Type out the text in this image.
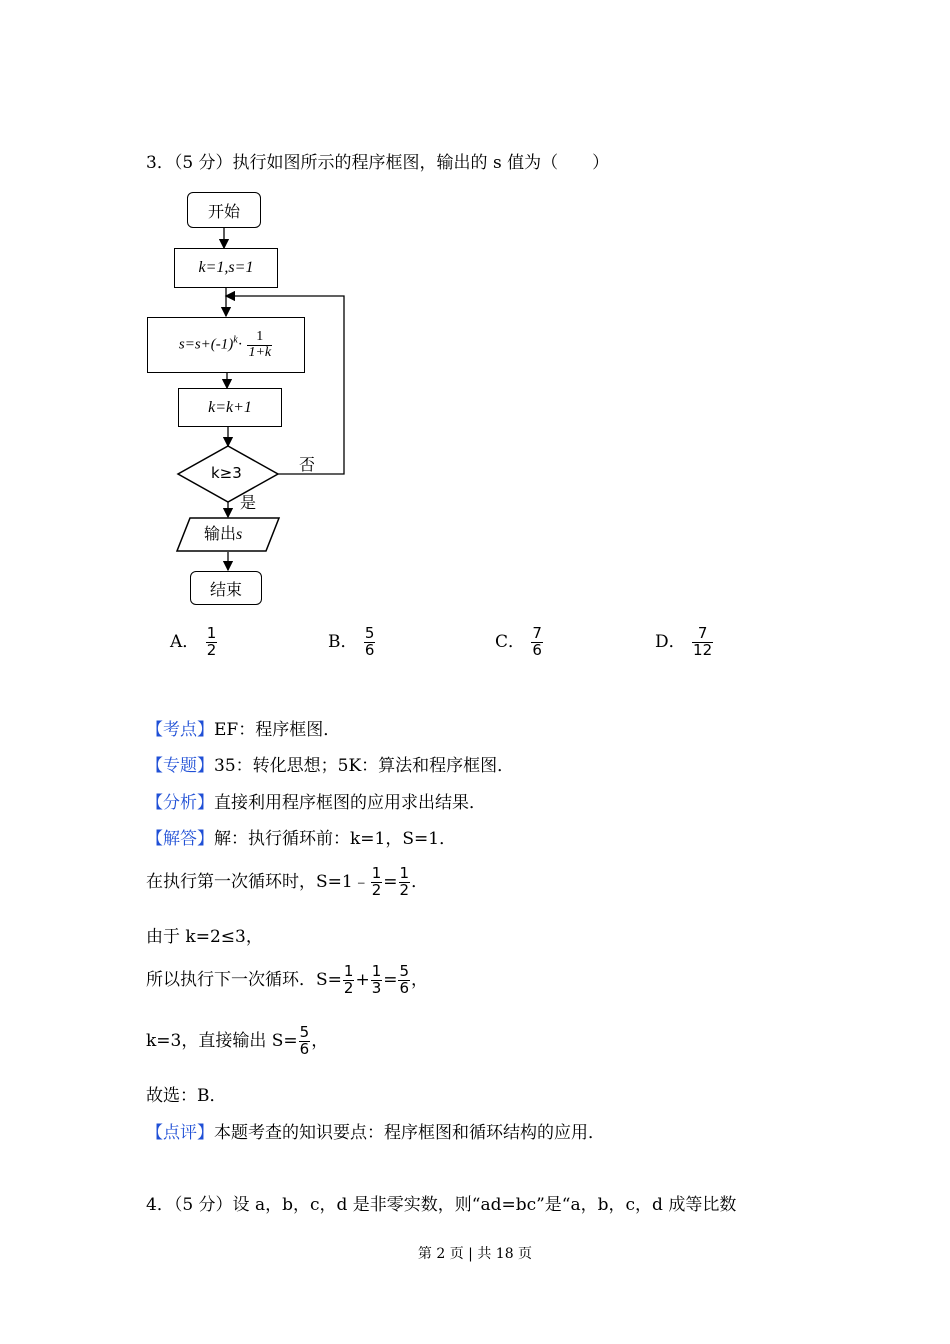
3．（5 分）执行如图所示的程序框图，输出的 s 值为（　　）
开始
k=1,s=1
$s=s+(-1)^k\cdot \frac{1}{1+k}$
k=k+1
k≥3	否
是
输出s
结束
A． $\frac{1}{2}$	B． $\frac{5}{6}$	C． $\frac{7}{6}$	D． $\frac{7}{12}$
【考点】EF：程序框图．
【专题】35：转化思想；5K：算法和程序框图．
【分析】直接利用程序框图的应用求出结果．
【解答】解：执行循环前：k=1，S=1．
在执行第一次循环时，S=1﹣ $\frac{1}{2} = \frac{1}{2}$ ．
由于 k=2≤3，
所以执行下一次循环．$S= \frac{1}{2} + \frac{1}{3} = \frac{5}{6}$ ，
k=3，直接输出 $S= \frac{5}{6}$ ，
故选：B．
【点评】本题考查的知识要点：程序框图和循环结构的应用．
4．（5 分）设 a，b，c，d 是非零实数，则“ad=bc”是“a，b，c，d 成等比数
第 2 页 | 共 18 页
